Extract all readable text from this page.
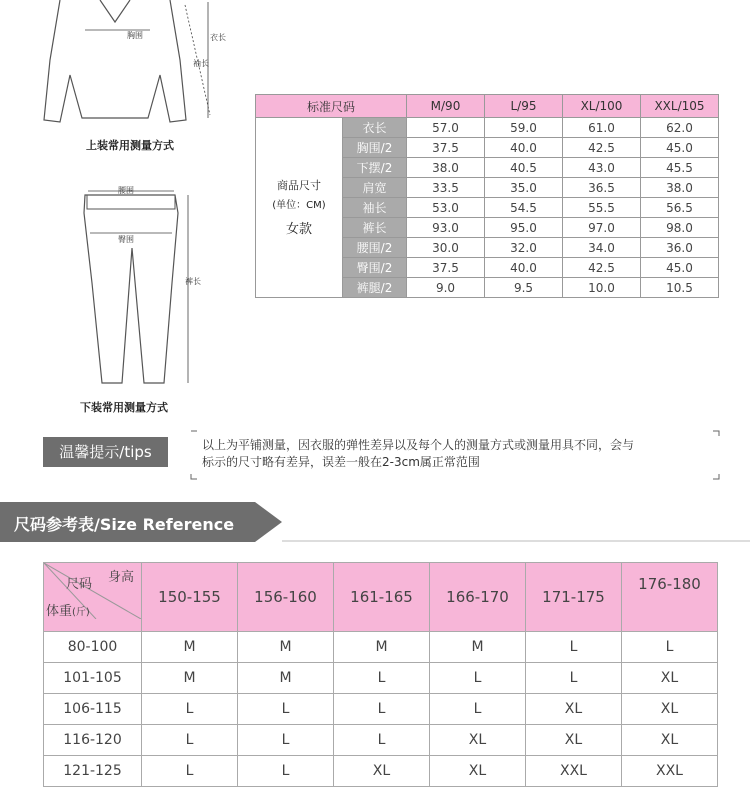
胸围	衣长
袖长
上装常用测量方式
腰围
臀围
裤长
下装常用测量方式
标准尺码		M/90	L/95	XL/100	XXL/105

商品尺寸
(单位：CM)
女款	衣长	57.0	59.0	61.0	62.0
	胸围/2	37.5	40.0	42.5	45.0
	下摆/2	38.0	40.5	43.0	45.5
	肩宽	33.5	35.0	36.5	38.0
	袖长	53.0	54.5	55.5	56.5
	裤长	93.0	95.0	97.0	98.0
	腰围/2	30.0	32.0	34.0	36.0
	臀围/2	37.5	40.0	42.5	45.0
	裤腿/2	9.0	9.5	10.0	10.5
温馨提示/tips	以上为平铺测量，因衣服的弹性差异以及每个人的测量方式或测量用具不同，会与
标示的尺寸略有差异，误差一般在2-3cm属正常范围
尺码参考表/Size Reference
身高
尺码
体重(斤)	150-155	156-160	161-165	166-170	171-175	176-180
80-100	M	M	M	M	L	L
101-105	M	M	L	L	L	XL
106-115	L	L	L	L	XL	XL
116-120	L	L	L	XL	XL	XL
121-125	L	L	XL	XL	XXL	XXL
